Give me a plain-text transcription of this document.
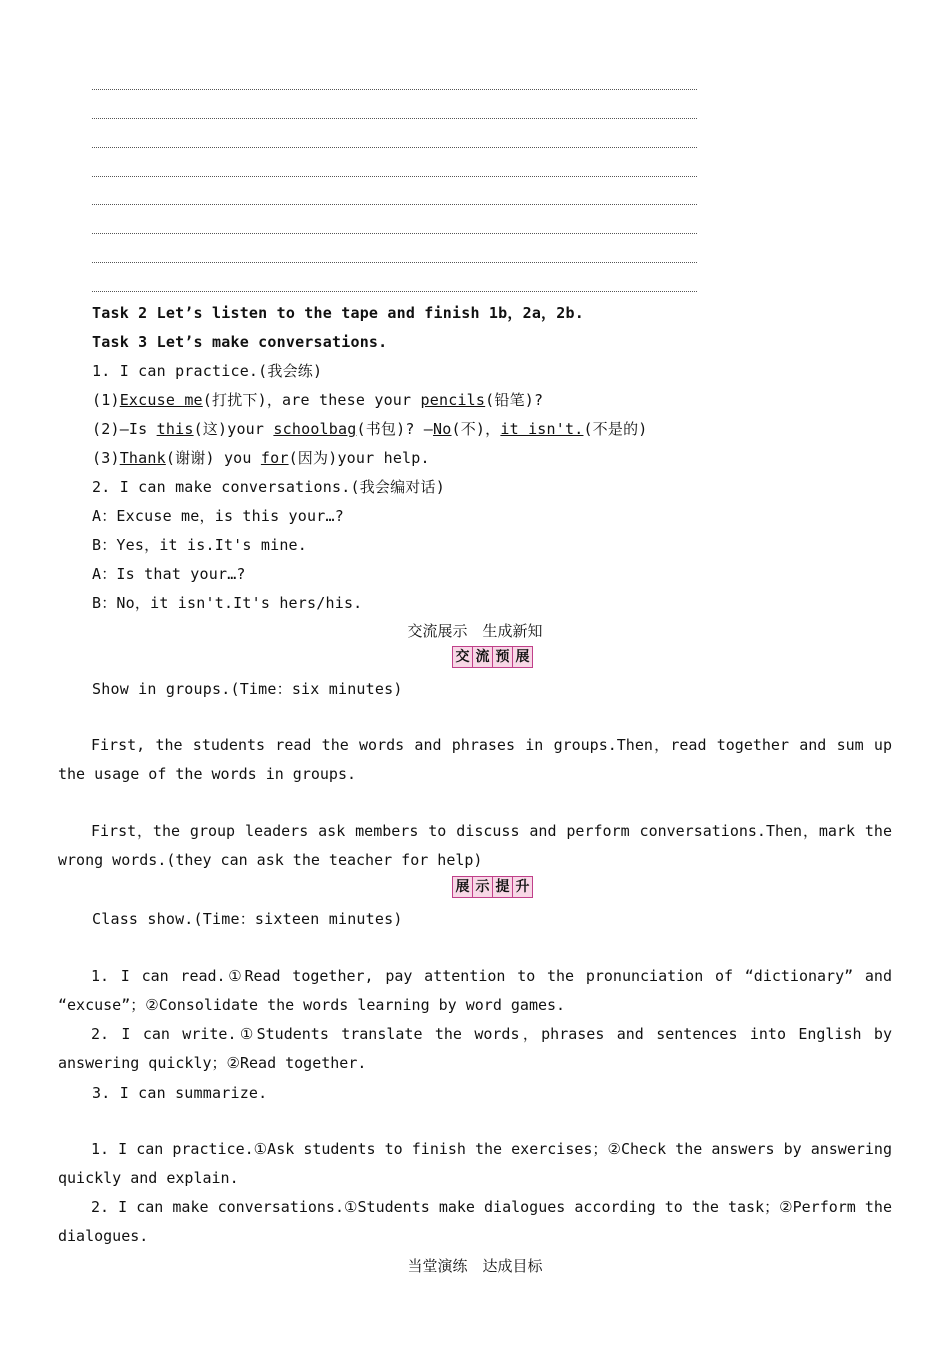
Task 2 Let’s listen to the tape and finish 1b，2a，2b.
Task 3 Let’s make conversations.
1. I can practice.(我会练)
(1)Excuse me(打扰下)，are these your pencils(铅笔)?
(2)—Is this(这)your schoolbag(书包)? —No(不)，it isn't.(不是的)
(3)Thank(谢谢) you for(因为)your help.
2. I can make conversations.(我会编对话)
A：Excuse me，is this your…?
B：Yes，it is.It's mine.
A：Is that your…?
B：No，it isn't.It's hers/his.
交流展示　生成新知
交 流 预 展
Show in groups.(Time：six minutes)
First, the students read the words and phrases in groups.Then，read together and sum up the usage of the words in groups.
First，the group leaders ask members to discuss and perform conversations.Then，mark the wrong words.(they can ask the teacher for help)
展 示 提 升
Class show.(Time：sixteen minutes)
1. I can read.①Read together, pay attention to the pronunciation of “dictionary” and “excuse”；②Consolidate the words learning by word games.
2. I can write.①Students translate the words，phrases and sentences into English by answering quickly；②Read together.
3. I can summarize.
1. I can practice.①Ask students to finish the exercises；②Check the answers by answering quickly and explain.
2. I can make conversations.①Students make dialogues according to the task；②Perform the dialogues.
当堂演练　达成目标
